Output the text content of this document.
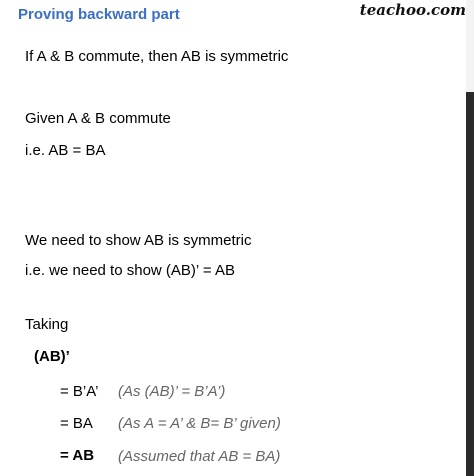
Proving backward part	teachoo.com
If A & B commute, then AB is symmetric
Given A & B commute
i.e. AB = BA
We need to show AB is symmetric
i.e. we need to show (AB)’ = AB
Taking
(AB)’
= B’A’ (As (AB)’ = B’A’)
= BA (As A = A’ & B= B’ given)
= AB (Assumed that AB = BA)
